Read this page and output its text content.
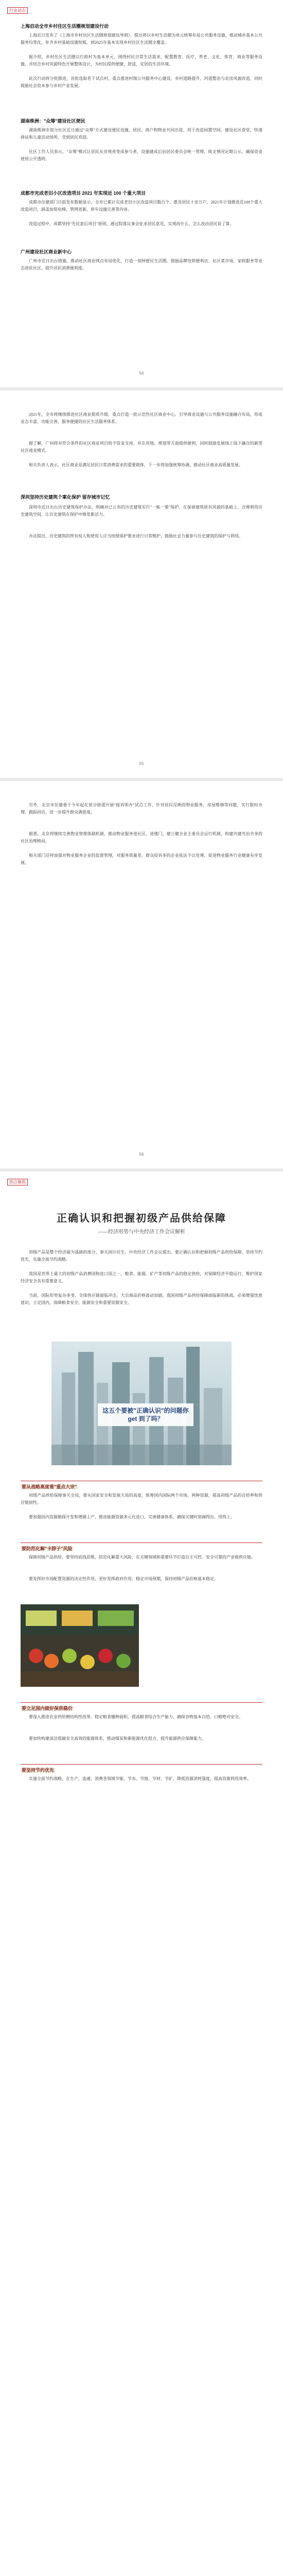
行业动态
上海启动全市乡村住区生活圈规划建设行动
上海近日发布了《上海市乡村住区生活圈规划建设导则》，提出将以乡村生活圈为单元统筹布局公共服务设施，推动城乡基本公共服务均等化，补齐乡村基础设施短板，到2025年基本实现乡村住区生活圈全覆盖。
据介绍，乡村住区生活圈以行政村为基本单元，围绕村民日常生活需求，配置教育、医疗、养老、文化、体育、商业等服务设施，并结合乡村风貌特色开展整体设计，为村民提供便捷、舒适、宜居的生活环境。
此次行动将分批推进，首批选取若干试点村，重点推进村级公共服务中心建设、乡村道路提升、河道整治与农房风貌改造，同时鼓励社会资本参与乡村产业发展。
湖南株洲："众筹"建设社区便民
湖南株洲市部分社区近日通过"众筹"方式建设便民设施，居民、商户和物业共同出资，用于改造闲置空间，建设社区食堂、快递驿站和儿童活动场所，受到居民欢迎。
社区工作人员表示，"众筹"模式让居民从旁观者变成参与者，设施建成后由居民委员会统一管理，收支情况定期公示，确保资金使用公开透明。
成都市完成老旧小区改造项目 2021 年实现近 100 个重大项目
成都市住建部门日前发布数据显示，全市已累计完成老旧小区改造项目数百个，惠及居民十余万户，2021年计划推进近100个重大改造项目，涵盖加装电梯、管网更新、停车设施完善等内容。
改造过程中，成都坚持"先民意后项目"原则，通过院落议事会征求居民意见，实现改什么、怎么改由居民说了算。
广州建设社区商业新中心
广州市近日出台措施，推动社区商业网点布局优化，打造一刻钟便民生活圈，鼓励品牌连锁便利店、社区菜市场、家政服务等业态进驻社区，提升居民消费便利度。
54
2021年，全市将继续推进社区商业提质升级，重点打造一批示范性社区商业中心，引导商业设施与公共服务设施融合布局，形成业态丰富、功能完善、服务便捷的社区生活服务体系。
据了解，广州将对符合条件的社区商业项目给予资金支持，并在用地、规划等方面提供便利，同时鼓励发展线上线下融合的新型社区商业模式。
相关负责人表示，社区商业是满足居民日常消费需求的重要载体，下一步将加强统筹协调，推动社区商业高质量发展。
深圳坚持历史建筑个案化保护 留存城市记忆
深圳市近日出台历史建筑保护办法，明确对已公布的历史建筑实行"一栋一策"保护，在保留建筑原有风貌的基础上，合理利用历史建筑空间，让历史建筑在保护中焕发新活力。
办法提出，历史建筑的所有权人和使用人应当按照保护要求进行日常维护，鼓励社会力量参与历史建筑的保护与利用。
55
另外，北京市住建委于今年起在部分街道开展"接诉即办"试点工作，针对居民反映的物业服务、房屋维修等问题，实行限时办理、跟踪回访，进一步提升群众满意度。
据悉，北京将继续完善物业管理体制机制，推动物业服务进社区、进楼门，建立健全业主委员会运行机制，构建共建共治共享的社区治理格局。
相关部门还将加强对物业服务企业的监督管理，对服务质量差、群众投诉多的企业依法予以处理，促进物业服务行业健康有序发展。
56
热点聚焦
正确认识和把握初级产品供给保障
——经济形势与中央经济工作会议解析
初级产品是整个经济最为基础的部分，事关国计民生。中央经济工作会议提出，要正确认识和把握初级产品供给保障，坚持节约优先，实施全面节约战略。
我国是世界上最大的初级产品消费国和进口国之一，粮食、能源、矿产等初级产品的稳定供给，对保障经济平稳运行、维护国家经济安全具有重要意义。
当前，国际形势复杂多变，全球供应链面临冲击，大宗商品价格波动加剧，我国初级产品供给保障面临新的挑战。必须增强忧患意识，立足国内，保障粮食安全、能源安全和重要资源安全。
这五个要被"正确认识"的问题你 get 到了吗？
要从战略高度看"重点大宗"
初级产品供给保障事关全局，要从国家安全和发展大局的高度，统筹国内国际两个市场、两种资源，提高初级产品的自给率和供应链韧性。
要加强国内资源勘探开发和增储上产，推进能源资源多元化进口，完善储备体系，确保关键时刻调得出、用得上。
要防范化解"卡脖子"风险
保障初级产品供给，要坚持底线思维，防范化解重大风险，在关键领域和重要环节打造自主可控、安全可靠的产业链供应链。
要发挥好市场配置资源的决定性作用，更好发挥政府作用，稳定市场预期，保持初级产品价格基本稳定。
要立足国内做好保供稳价
要深入推进农业供给侧结构性改革，稳定粮食播种面积，提高粮食综合生产能力，确保谷物基本自给、口粮绝对安全。
要加快构建清洁低碳安全高效的能源体系，推动煤炭和新能源优化组合，提升能源供应保障能力。
要坚持节约优先
实施全面节约战略，在生产、流通、消费各领域节能、节水、节地、节材、节矿，降低资源消耗强度，提高资源利用效率。
